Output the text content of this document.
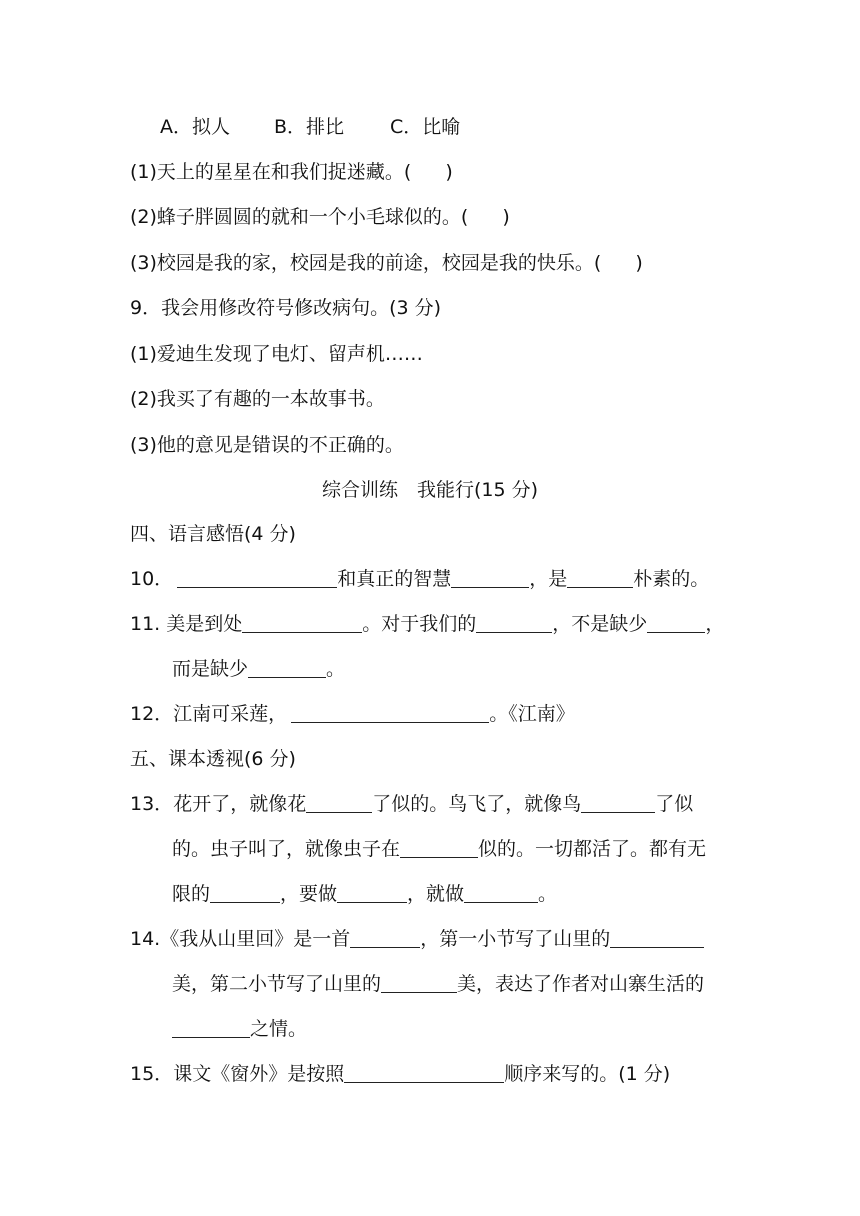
A．拟人 B．排比 C．比喻
(1)天上的星星在和我们捉迷藏。( )
(2)蜂子胖圆圆的就和一个小毛球似的。( )
(3)校园是我的家，校园是我的前途，校园是我的快乐。( )
9．我会用修改符号修改病句。(3 分)
(1)爱迪生发现了电灯、留声机……
(2)我买了有趣的一本故事书。
(3)他的意见是错误的不正确的。
综合训练　我能行(15 分)
四、语言感悟(4 分)
10．	和真正的智慧	，是	朴素的。
11. 美是到处	。对于我们的	，不是缺少	，
而是缺少	。
12．江南可采莲，	。《江南》
五、课本透视(6 分)
13．花开了，就像花	了似的。鸟飞了，就像鸟	了似
的。虫子叫了，就像虫子在	似的。一切都活了。都有无
限的	，要做	，就做	。
14.《我从山里回》是一首	，第一小节写了山里的
美，第二小节写了山里的	美，表达了作者对山寨生活的
之情。
15．课文《窗外》是按照	顺序来写的。(1 分)
